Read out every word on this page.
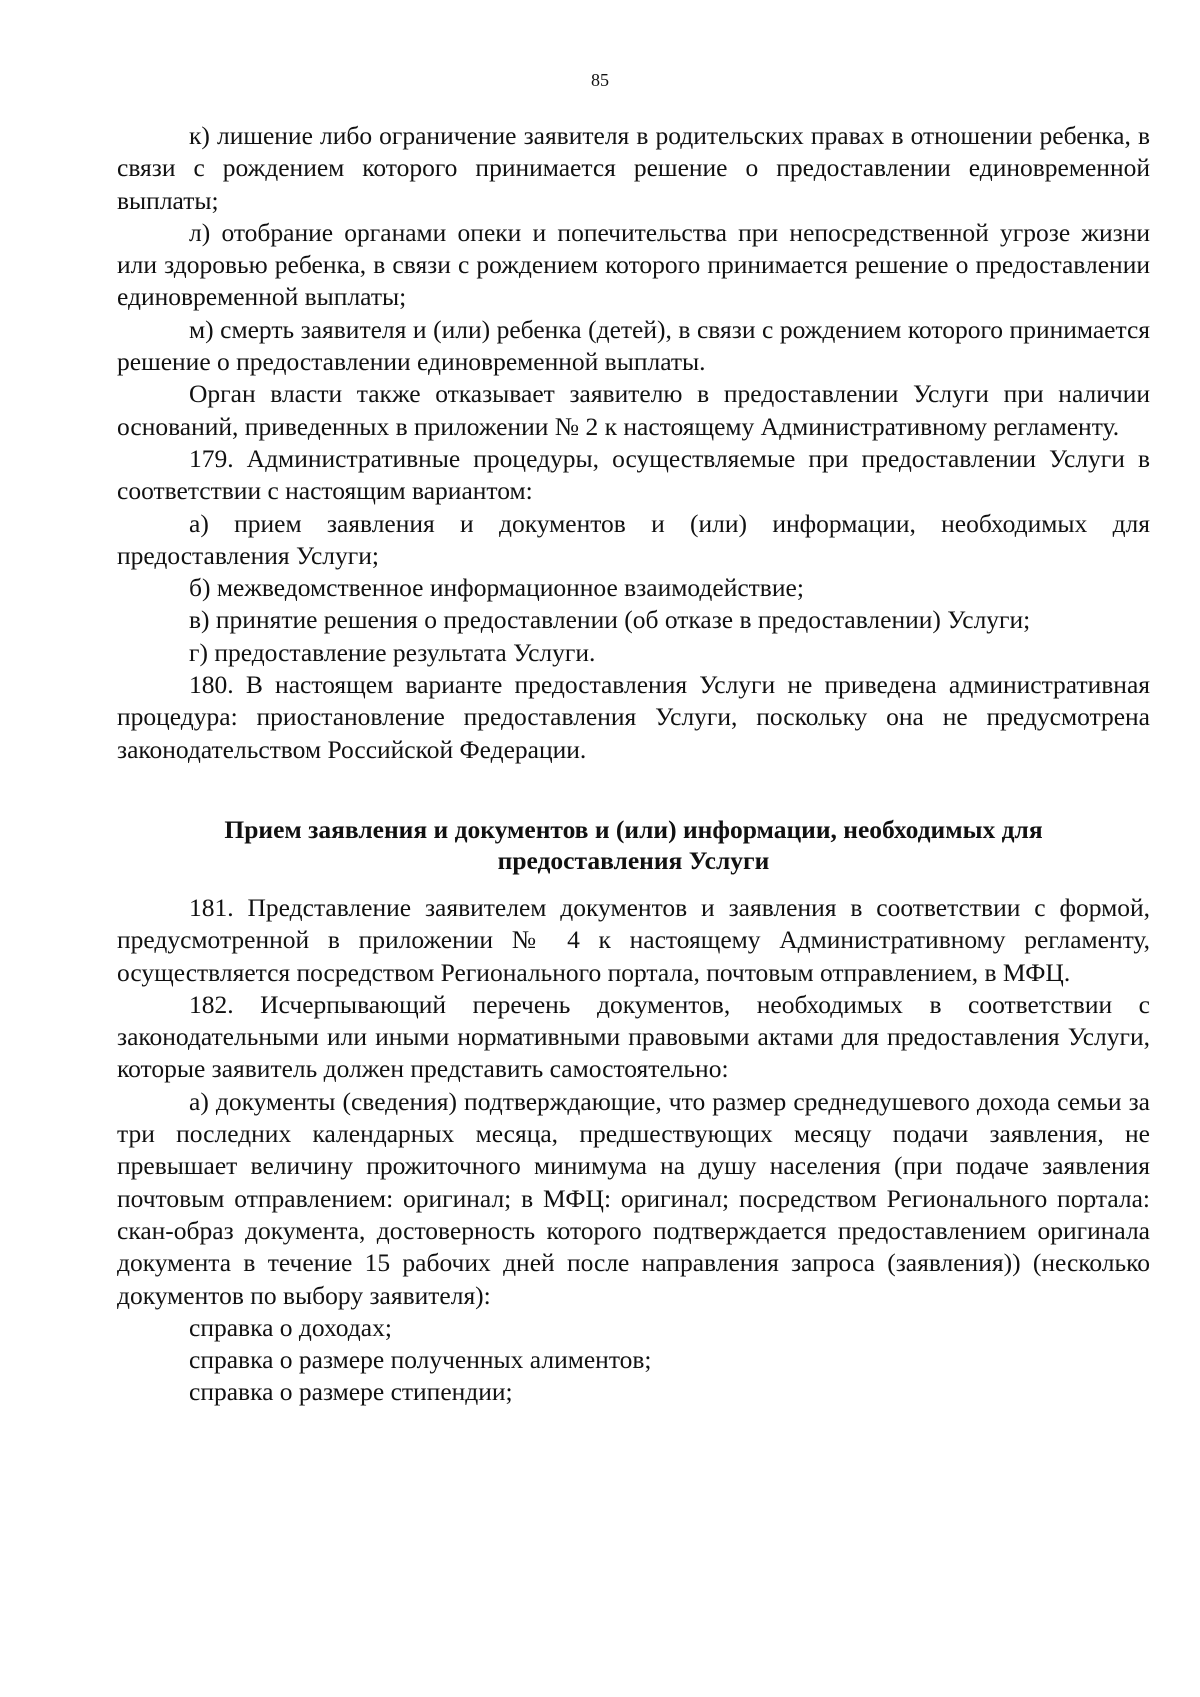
85

к) лишение либо ограничение заявителя в родительских правах в отношении ребенка, в связи с рождением которого принимается решение о предоставлении единовременной выплаты;

л) отобрание органами опеки и попечительства при непосредственной угрозе жизни или здоровью ребенка, в связи с рождением которого принимается решение о предоставлении единовременной выплаты;

м) смерть заявителя и (или) ребенка (детей), в связи с рождением которого принимается решение о предоставлении единовременной выплаты.

Орган власти также отказывает заявителю в предоставлении Услуги при наличии оснований, приведенных в приложении № 2 к настоящему Административному регламенту.

179. Административные процедуры, осуществляемые при предоставлении Услуги в соответствии с настоящим вариантом:

а) прием заявления и документов и (или) информации, необходимых для предоставления Услуги;

б) межведомственное информационное взаимодействие;

в) принятие решения о предоставлении (об отказе в предоставлении) Услуги;

г) предоставление результата Услуги.

180. В настоящем варианте предоставления Услуги не приведена административная процедура: приостановление предоставления Услуги, поскольку она не предусмотрена законодательством Российской Федерации.

Прием заявления и документов и (или) информации, необходимых для
предоставления Услуги

181. Представление заявителем документов и заявления в соответствии с формой, предусмотренной в приложении № 4 к настоящему Административному регламенту, осуществляется посредством Регионального портала, почтовым отправлением, в МФЦ.

182. Исчерпывающий перечень документов, необходимых в соответствии с законодательными или иными нормативными правовыми актами для предоставления Услуги, которые заявитель должен представить самостоятельно:

а) документы (сведения) подтверждающие, что размер среднедушевого дохода семьи за три последних календарных месяца, предшествующих месяцу подачи заявления, не превышает величину прожиточного минимума на душу населения (при подаче заявления почтовым отправлением: оригинал; в МФЦ: оригинал; посредством Регионального портала: скан-образ документа, достоверность которого подтверждается предоставлением оригинала документа в течение 15 рабочих дней после направления запроса (заявления)) (несколько документов по выбору заявителя):

справка о доходах;

справка о размере полученных алиментов;

справка о размере стипендии;
